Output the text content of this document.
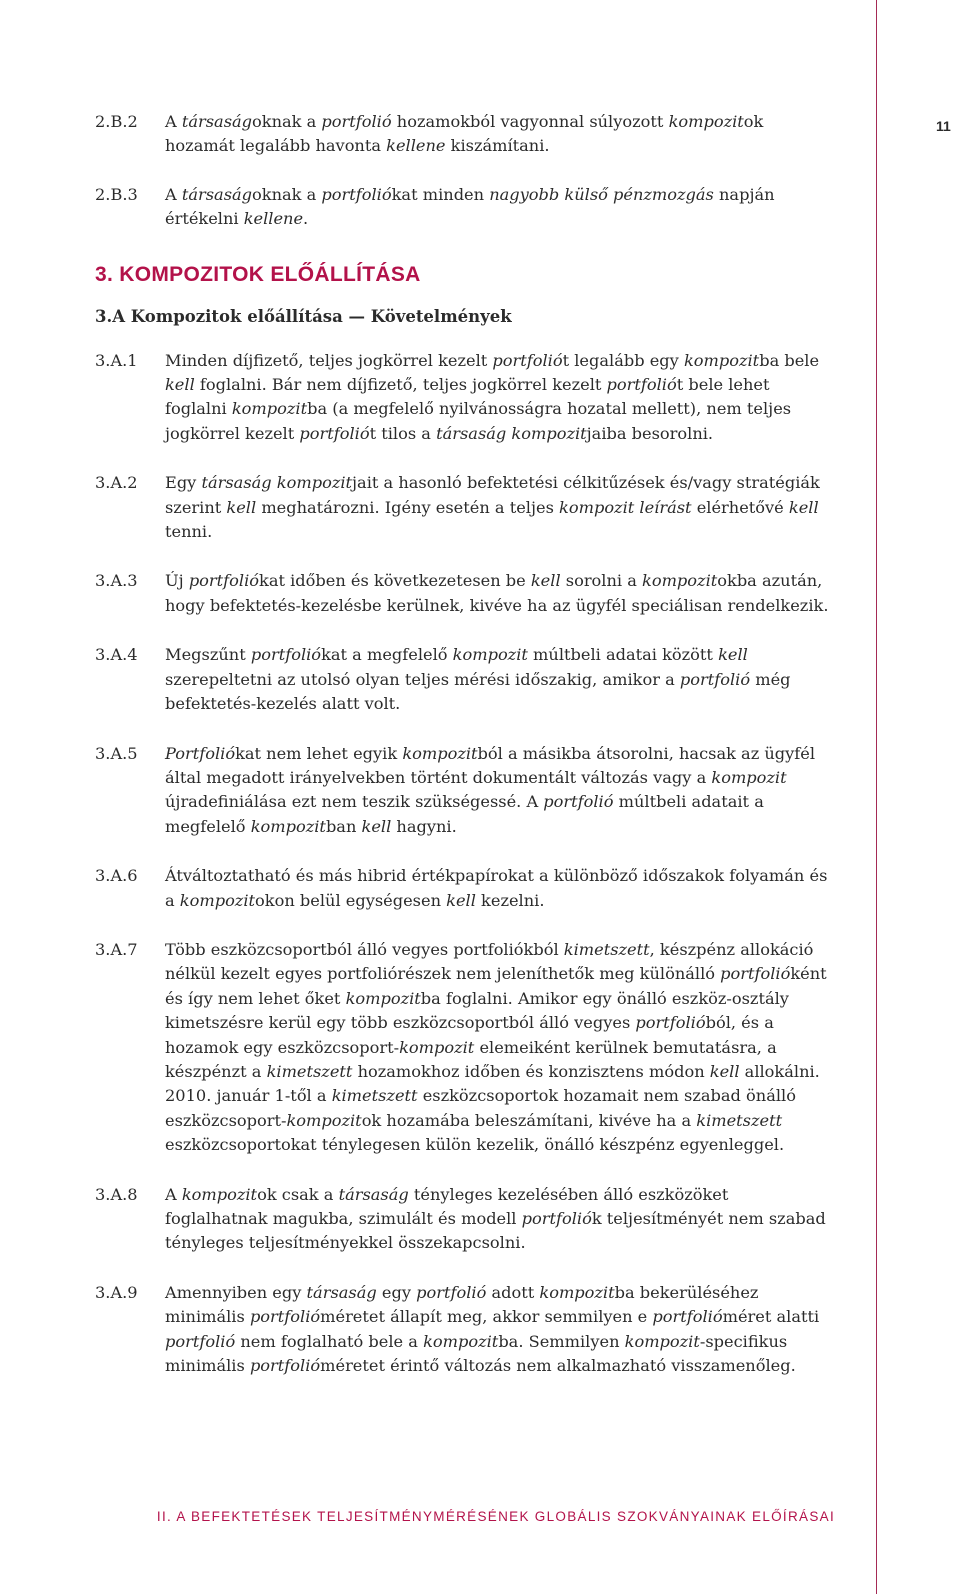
11
2.B.2	A társaságoknak a portfolió hozamokból vagyonnal súlyozott kompozitok hozamát legalább havonta kellene kiszámítani.
2.B.3	A társaságoknak a portfoliókat minden nagyobb külső pénzmozgás napján értékelni kellene.
3. KOMPOZITOK ELŐÁLLÍTÁSA
3.A Kompozitok előállítása — Követelmények
3.A.1	Minden díjfizető, teljes jogkörrel kezelt portfoliót legalább egy kompozitba bele kell foglalni. Bár nem díjfizető, teljes jogkörrel kezelt portfoliót bele lehet foglalni kompozitba (a megfelelő nyilvánosságra hozatal mellett), nem teljes jogkörrel kezelt portfoliót tilos a társaság kompozitjaiba besorolni.
3.A.2	Egy társaság kompozitjait a hasonló befektetési célkitűzések és/vagy stratégiák szerint kell meghatározni. Igény esetén a teljes kompozit leírást elérhetővé kell tenni.
3.A.3	Új portfoliókat időben és következetesen be kell sorolni a kompozitokba azután, hogy befektetés-kezelésbe kerülnek, kivéve ha az ügyfél speciálisan rendelkezik.
3.A.4	Megszűnt portfoliókat a megfelelő kompozit múltbeli adatai között kell szerepeltetni az utolsó olyan teljes mérési időszakig, amikor a portfolió még befektetés-kezelés alatt volt.
3.A.5	Portfoliókat nem lehet egyik kompozitból a másikba átsorolni, hacsak az ügyfél által megadott irányelvekben történt dokumentált változás vagy a kompozit újradefiniálása ezt nem teszik szükségessé. A portfolió múltbeli adatait a megfelelő kompozitban kell hagyni.
3.A.6	Átváltoztatható és más hibrid értékpapírokat a különböző időszakok folyamán és a kompozitokon belül egységesen kell kezelni.
3.A.7	Több eszközcsoportból álló vegyes portfoliókból kimetszett, készpénz allokáció nélkül kezelt egyes portfoliórészek nem jeleníthetők meg különálló portfolióként és így nem lehet őket kompozitba foglalni. Amikor egy önálló eszköz-osztály kimetszésre kerül egy több eszközcsoportból álló vegyes portfolióból, és a hozamok egy eszközcsoport-kompozit elemeiként kerülnek bemutatásra, a készpénzt a kimetszett hozamokhoz időben és konzisztens módon kell allokálni. 2010. január 1-től a kimetszett eszközcsoportok hozamait nem szabad önálló eszközcsoport-kompozitok hozamába beleszámítani, kivéve ha a kimetszett eszközcsoportokat ténylegesen külön kezelik, önálló készpénz egyenleggel.
3.A.8	A kompozitok csak a társaság tényleges kezelésében álló eszközöket foglalhatnak magukba, szimulált és modell portfoliók teljesítményét nem szabad tényleges teljesítményekkel összekapcsolni.
3.A.9	Amennyiben egy társaság egy portfolió adott kompozitba bekerüléséhez minimális portfolióméretet állapít meg, akkor semmilyen e portfolióméret alatti portfolió nem foglalható bele a kompozitba. Semmilyen kompozit-specifikus minimális portfolióméretet érintő változás nem alkalmazható visszamenőleg.
II. A BEFEKTETÉSEK TELJESÍTMÉNYMÉRÉSÉNEK GLOBÁLIS SZOKVÁNYAINAK ELŐÍRÁSAI
